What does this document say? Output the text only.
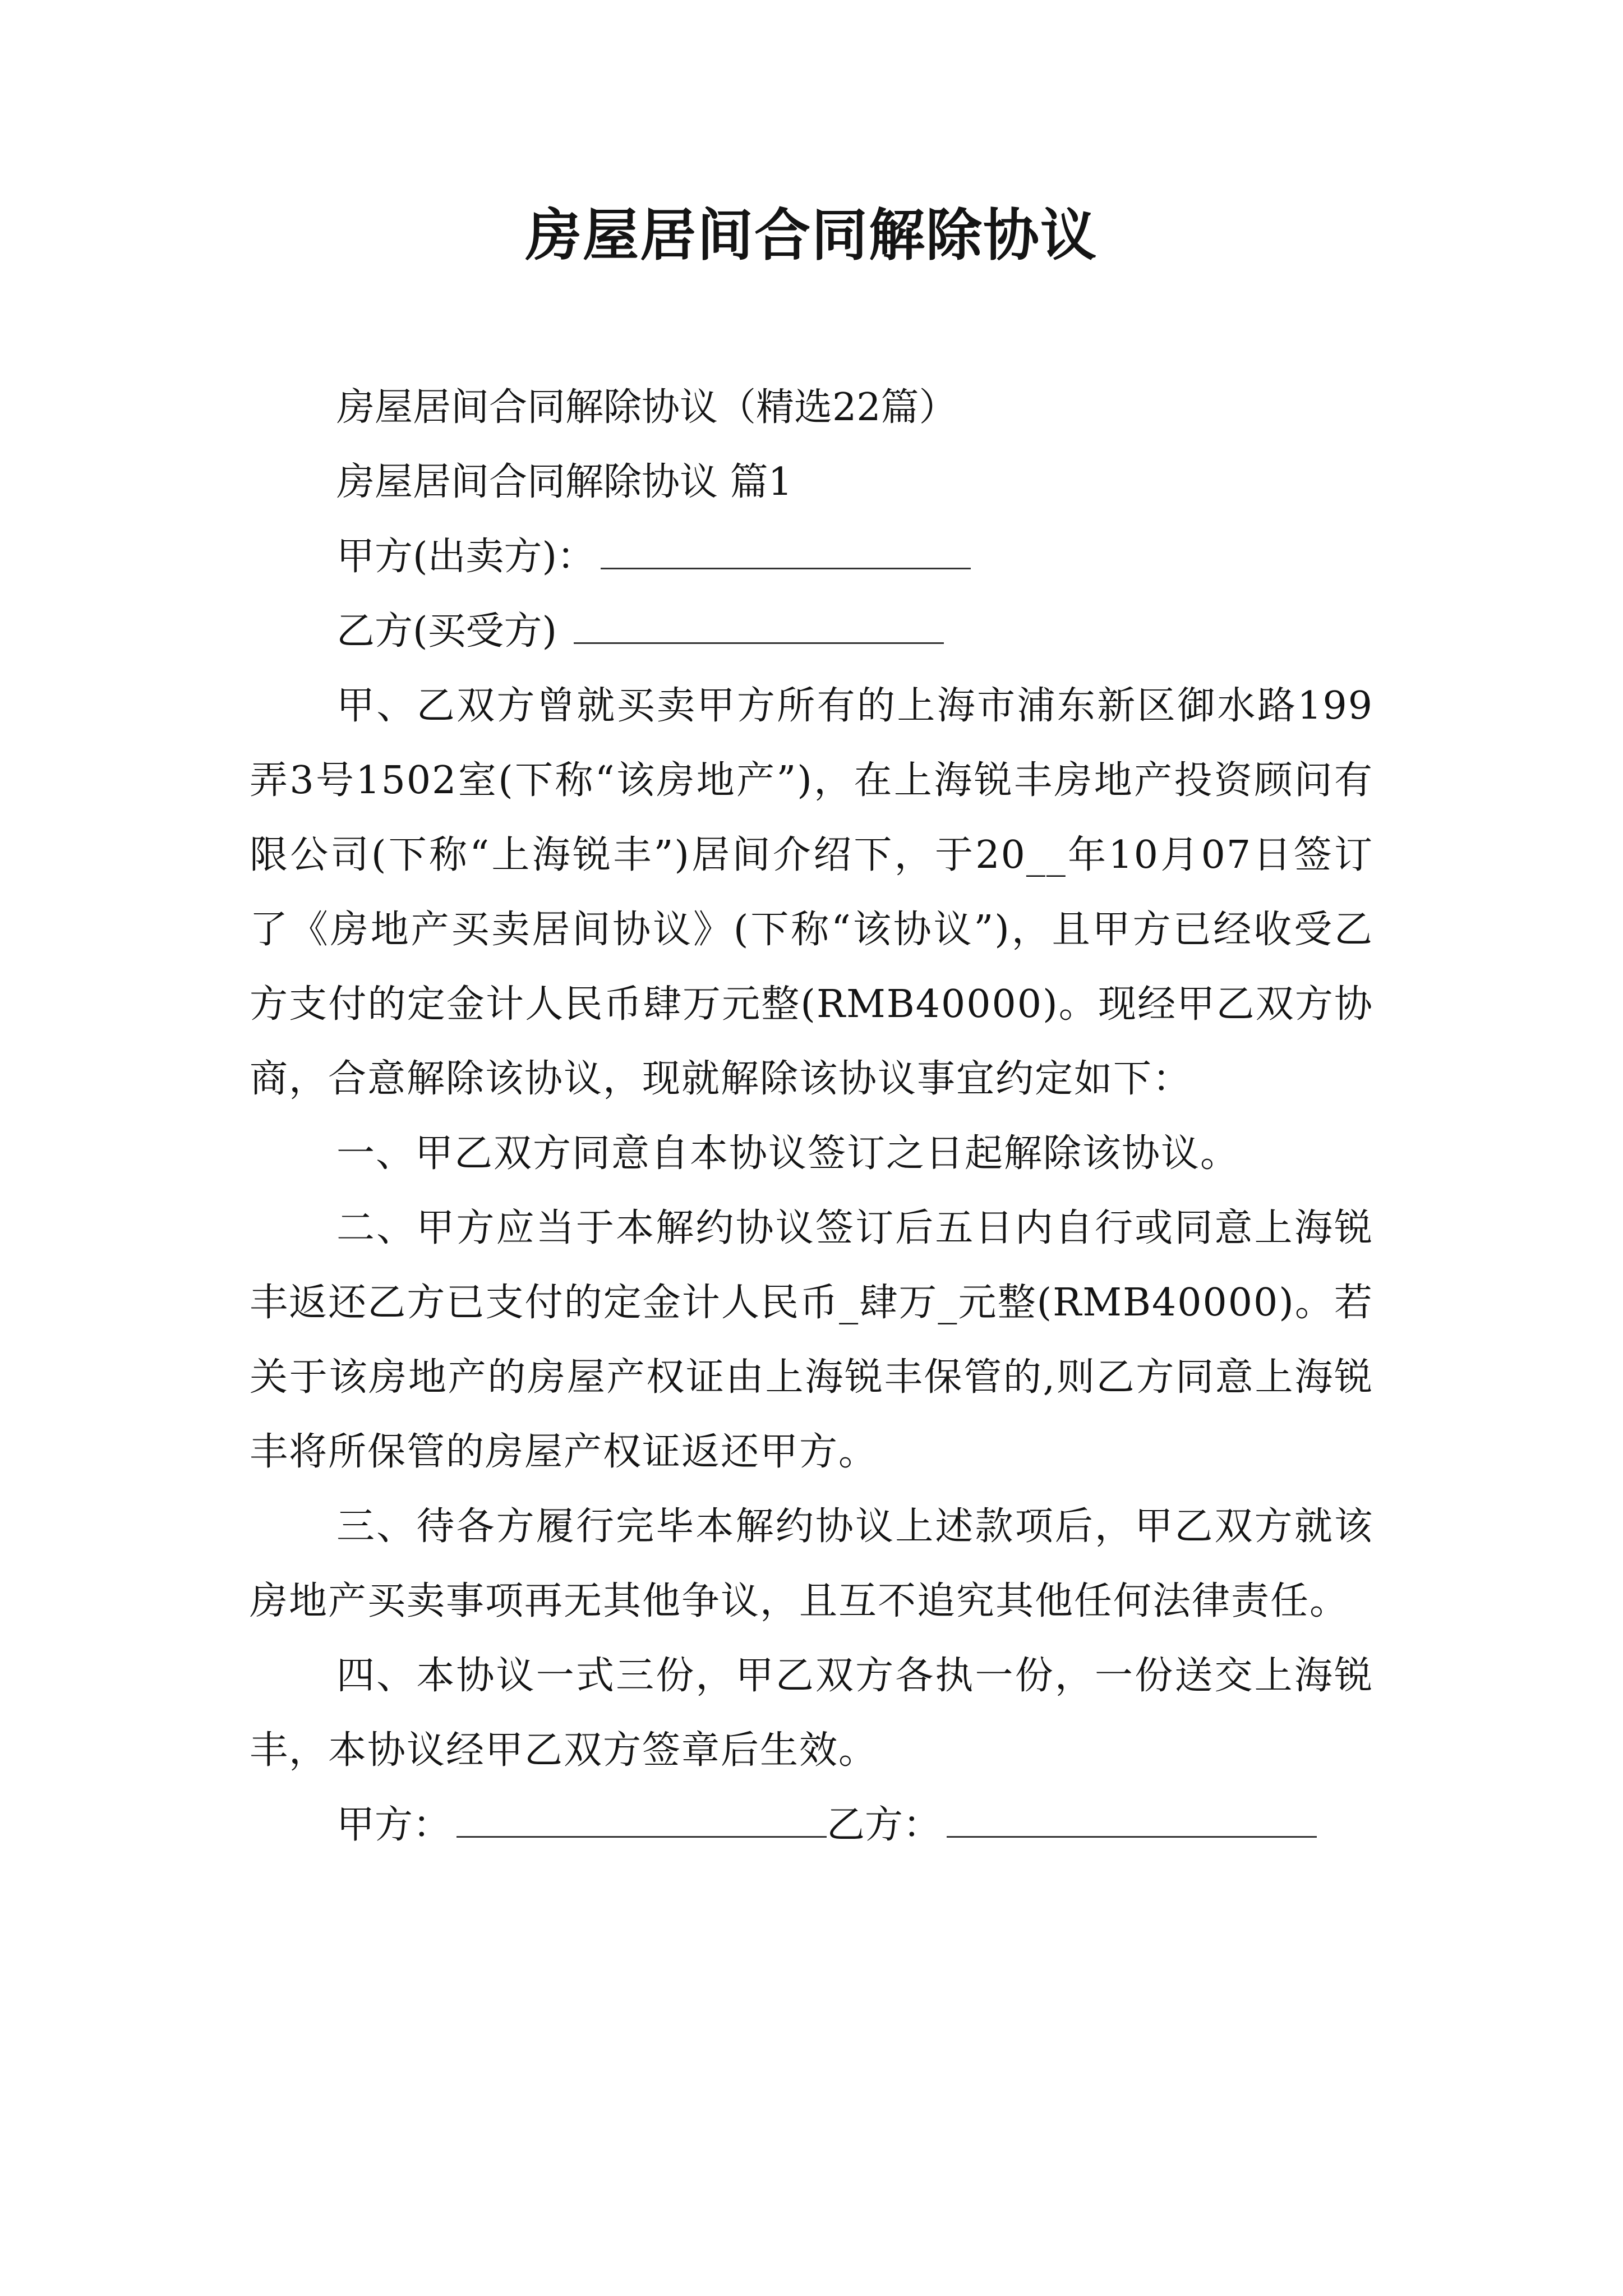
房屋居间合同解除协议
房屋居间合同解除协议（精选22篇）
房屋居间合同解除协议 篇1
甲方(出卖方)：
乙方(买受方)

甲、乙双方曾就买卖甲方所有的上海市浦东新区御水路199弄3号1502室(下称“该房地产”)，在上海锐丰房地产投资顾问有限公司(下称“上海锐丰”)居间介绍下，于20__年10月07日签订了《房地产买卖居间协议》(下称“该协议”)，且甲方已经收受乙方支付的定金计人民币肆万元整(RMB40000)。现经甲乙双方协商，合意解除该协议，现就解除该协议事宜约定如下：

一、甲乙双方同意自本协议签订之日起解除该协议。

二、甲方应当于本解约协议签订后五日内自行或同意上海锐丰返还乙方已支付的定金计人民币_肆万_元整(RMB40000)。若关于该房地产的房屋产权证由上海锐丰保管的,则乙方同意上海锐丰将所保管的房屋产权证返还甲方。

三、待各方履行完毕本解约协议上述款项后，甲乙双方就该房地产买卖事项再无其他争议，且互不追究其他任何法律责任。

四、本协议一式三份，甲乙双方各执一份，一份送交上海锐丰，本协议经甲乙双方签章后生效。

甲方：	乙方：
